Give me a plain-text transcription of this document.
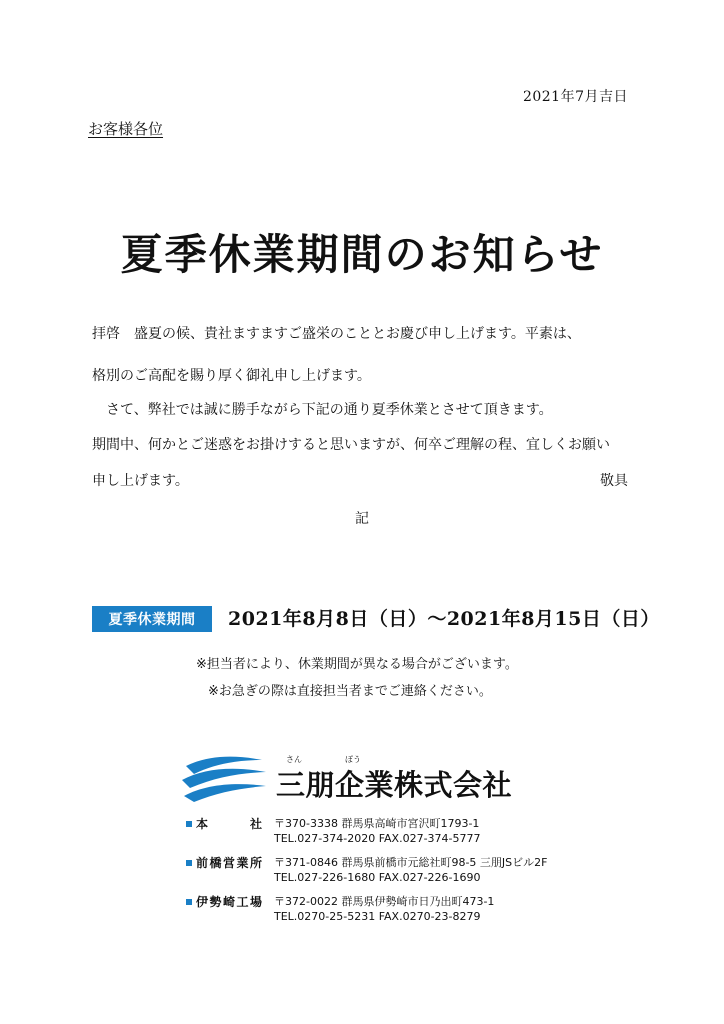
2021年7月吉日
お客様各位
夏季休業期間のお知らせ
拝啓　盛夏の候、貴社ますますご盛栄のこととお慶び申し上げます。平素は、
格別のご高配を賜り厚く御礼申し上げます。
　さて、弊社では誠に勝手ながら下記の通り夏季休業とさせて頂きます。
期間中、何かとご迷惑をお掛けすると思いますが、何卒ご理解の程、宜しくお願い
申し上げます。	敬具
記
夏季休業期間	2021年8月8日（日）〜2021年8月15日（日）
※担当者により、休業期間が異なる場合がございます。
※お急ぎの際は直接担当者までご連絡ください。
さん	ぽう
三朋企業株式会社
本　　社 〒370-3338 群馬県高崎市宮沢町1793-1
TEL.027-374-2020 FAX.027-374-5777
前橋営業所 〒371-0846 群馬県前橋市元総社町98-5 三朋JSビル2F
TEL.027-226-1680 FAX.027-226-1690
伊勢崎工場 〒372-0022 群馬県伊勢崎市日乃出町473-1
TEL.0270-25-5231 FAX.0270-23-8279
